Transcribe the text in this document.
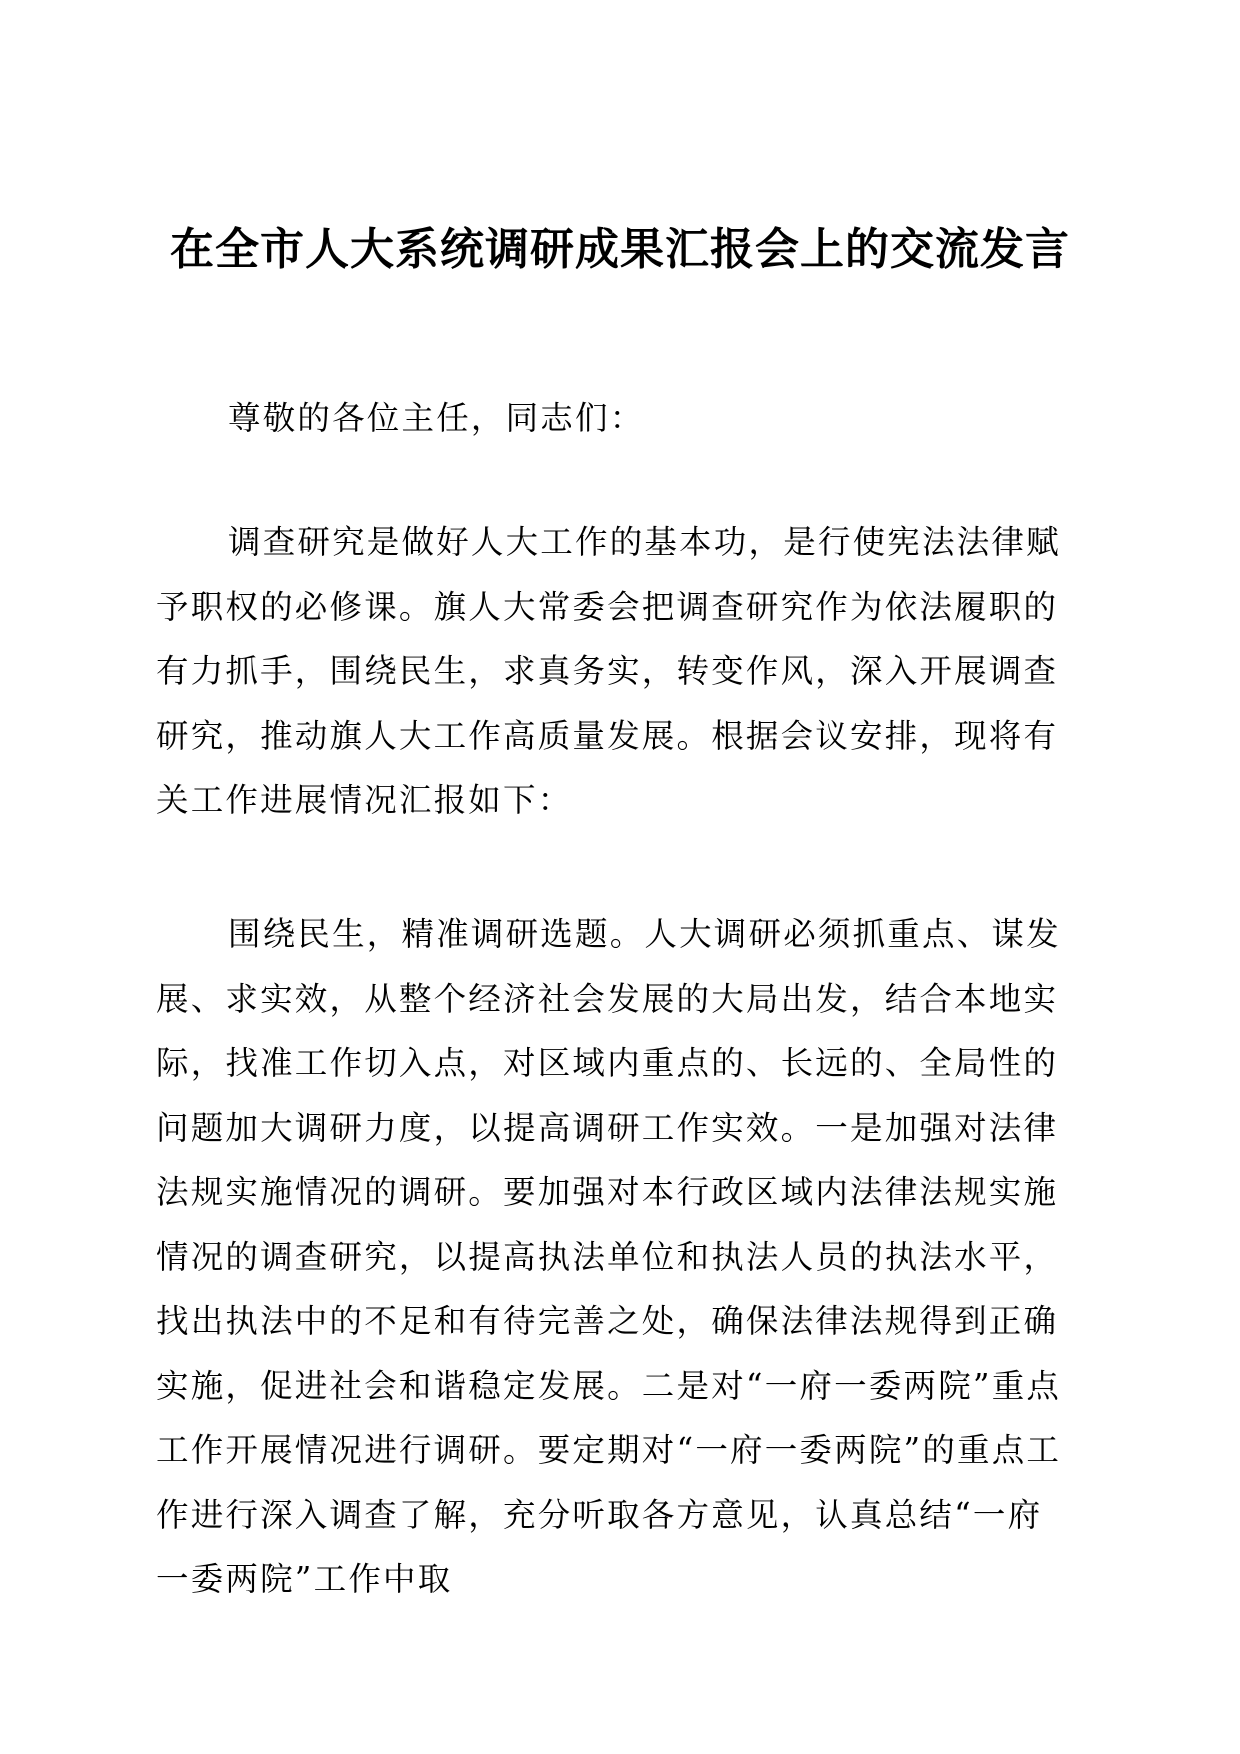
在全市人大系统调研成果汇报会上的交流发言

尊敬的各位主任，同志们：

调查研究是做好人大工作的基本功，是行使宪法法律赋予职权的必修课。旗人大常委会把调查研究作为依法履职的有力抓手，围绕民生，求真务实，转变作风，深入开展调查研究，推动旗人大工作高质量发展。根据会议安排，现将有关工作进展情况汇报如下：

围绕民生，精准调研选题。人大调研必须抓重点、谋发展、求实效，从整个经济社会发展的大局出发，结合本地实际，找准工作切入点，对区域内重点的、长远的、全局性的问题加大调研力度，以提高调研工作实效。一是加强对法律法规实施情况的调研。要加强对本行政区域内法律法规实施情况的调查研究，以提高执法单位和执法人员的执法水平，找出执法中的不足和有待完善之处，确保法律法规得到正确实施，促进社会和谐稳定发展。二是对“一府一委两院”重点工作开展情况进行调研。要定期对“一府一委两院”的重点工作进行深入调查了解，充分听取各方意见，认真总结“一府一委两院”工作中取
